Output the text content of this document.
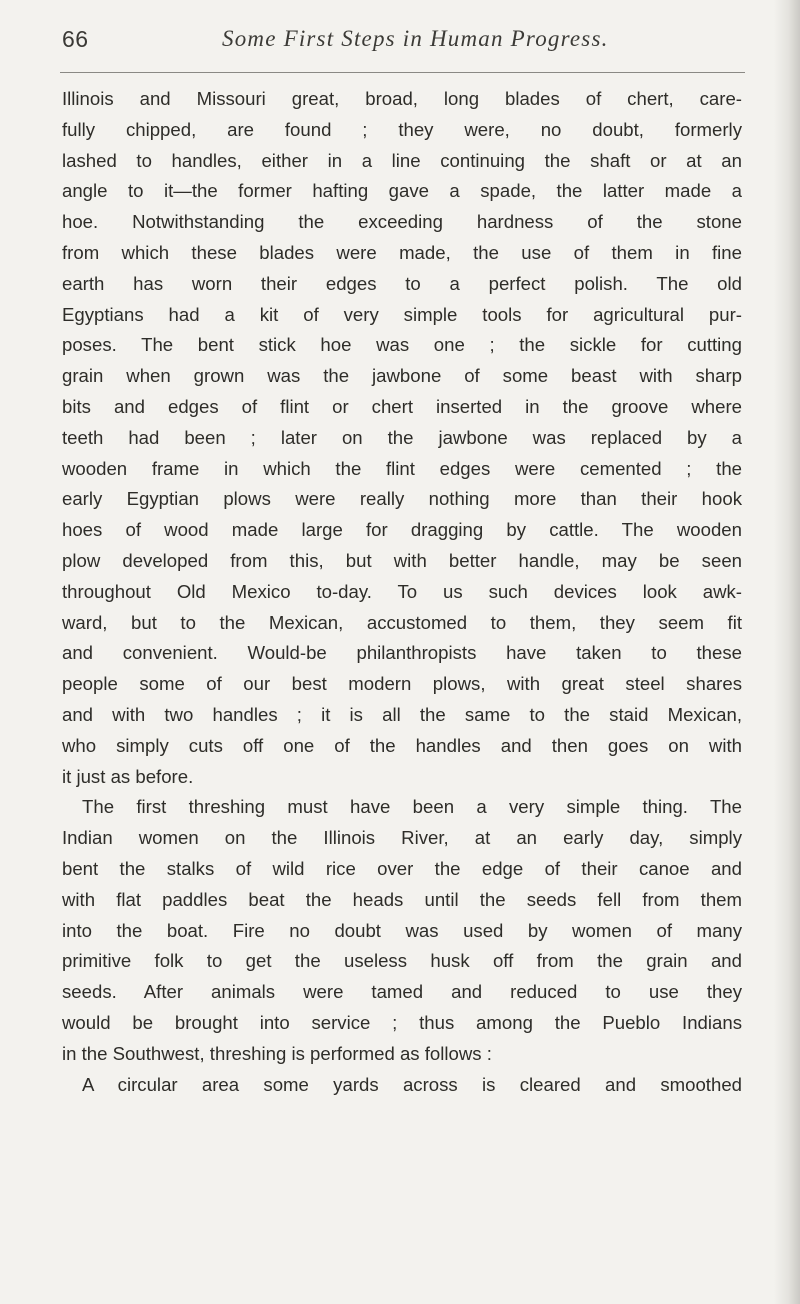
66	Some First Steps in Human Progress.
Illinois and Missouri great, broad, long blades of chert, care-
fully chipped, are found ; they were, no doubt, formerly
lashed to handles, either in a line continuing the shaft or at an
angle to it—the former hafting gave a spade, the latter made a
hoe. Notwithstanding the exceeding hardness of the stone
from which these blades were made, the use of them in fine
earth has worn their edges to a perfect polish. The old
Egyptians had a kit of very simple tools for agricultural pur-
poses. The bent stick hoe was one ; the sickle for cutting
grain when grown was the jawbone of some beast with sharp
bits and edges of flint or chert inserted in the groove where
teeth had been ; later on the jawbone was replaced by a
wooden frame in which the flint edges were cemented ; the
early Egyptian plows were really nothing more than their hook
hoes of wood made large for dragging by cattle. The wooden
plow developed from this, but with better handle, may be seen
throughout Old Mexico to-day. To us such devices look awk-
ward, but to the Mexican, accustomed to them, they seem fit
and convenient. Would-be philanthropists have taken to these
people some of our best modern plows, with great steel shares
and with two handles ; it is all the same to the staid Mexican,
who simply cuts off one of the handles and then goes on with
it just as before.
The first threshing must have been a very simple thing. The
Indian women on the Illinois River, at an early day, simply
bent the stalks of wild rice over the edge of their canoe and
with flat paddles beat the heads until the seeds fell from them
into the boat. Fire no doubt was used by women of many
primitive folk to get the useless husk off from the grain and
seeds. After animals were tamed and reduced to use they
would be brought into service ; thus among the Pueblo Indians
in the Southwest, threshing is performed as follows :
A circular area some yards across is cleared and smoothed
